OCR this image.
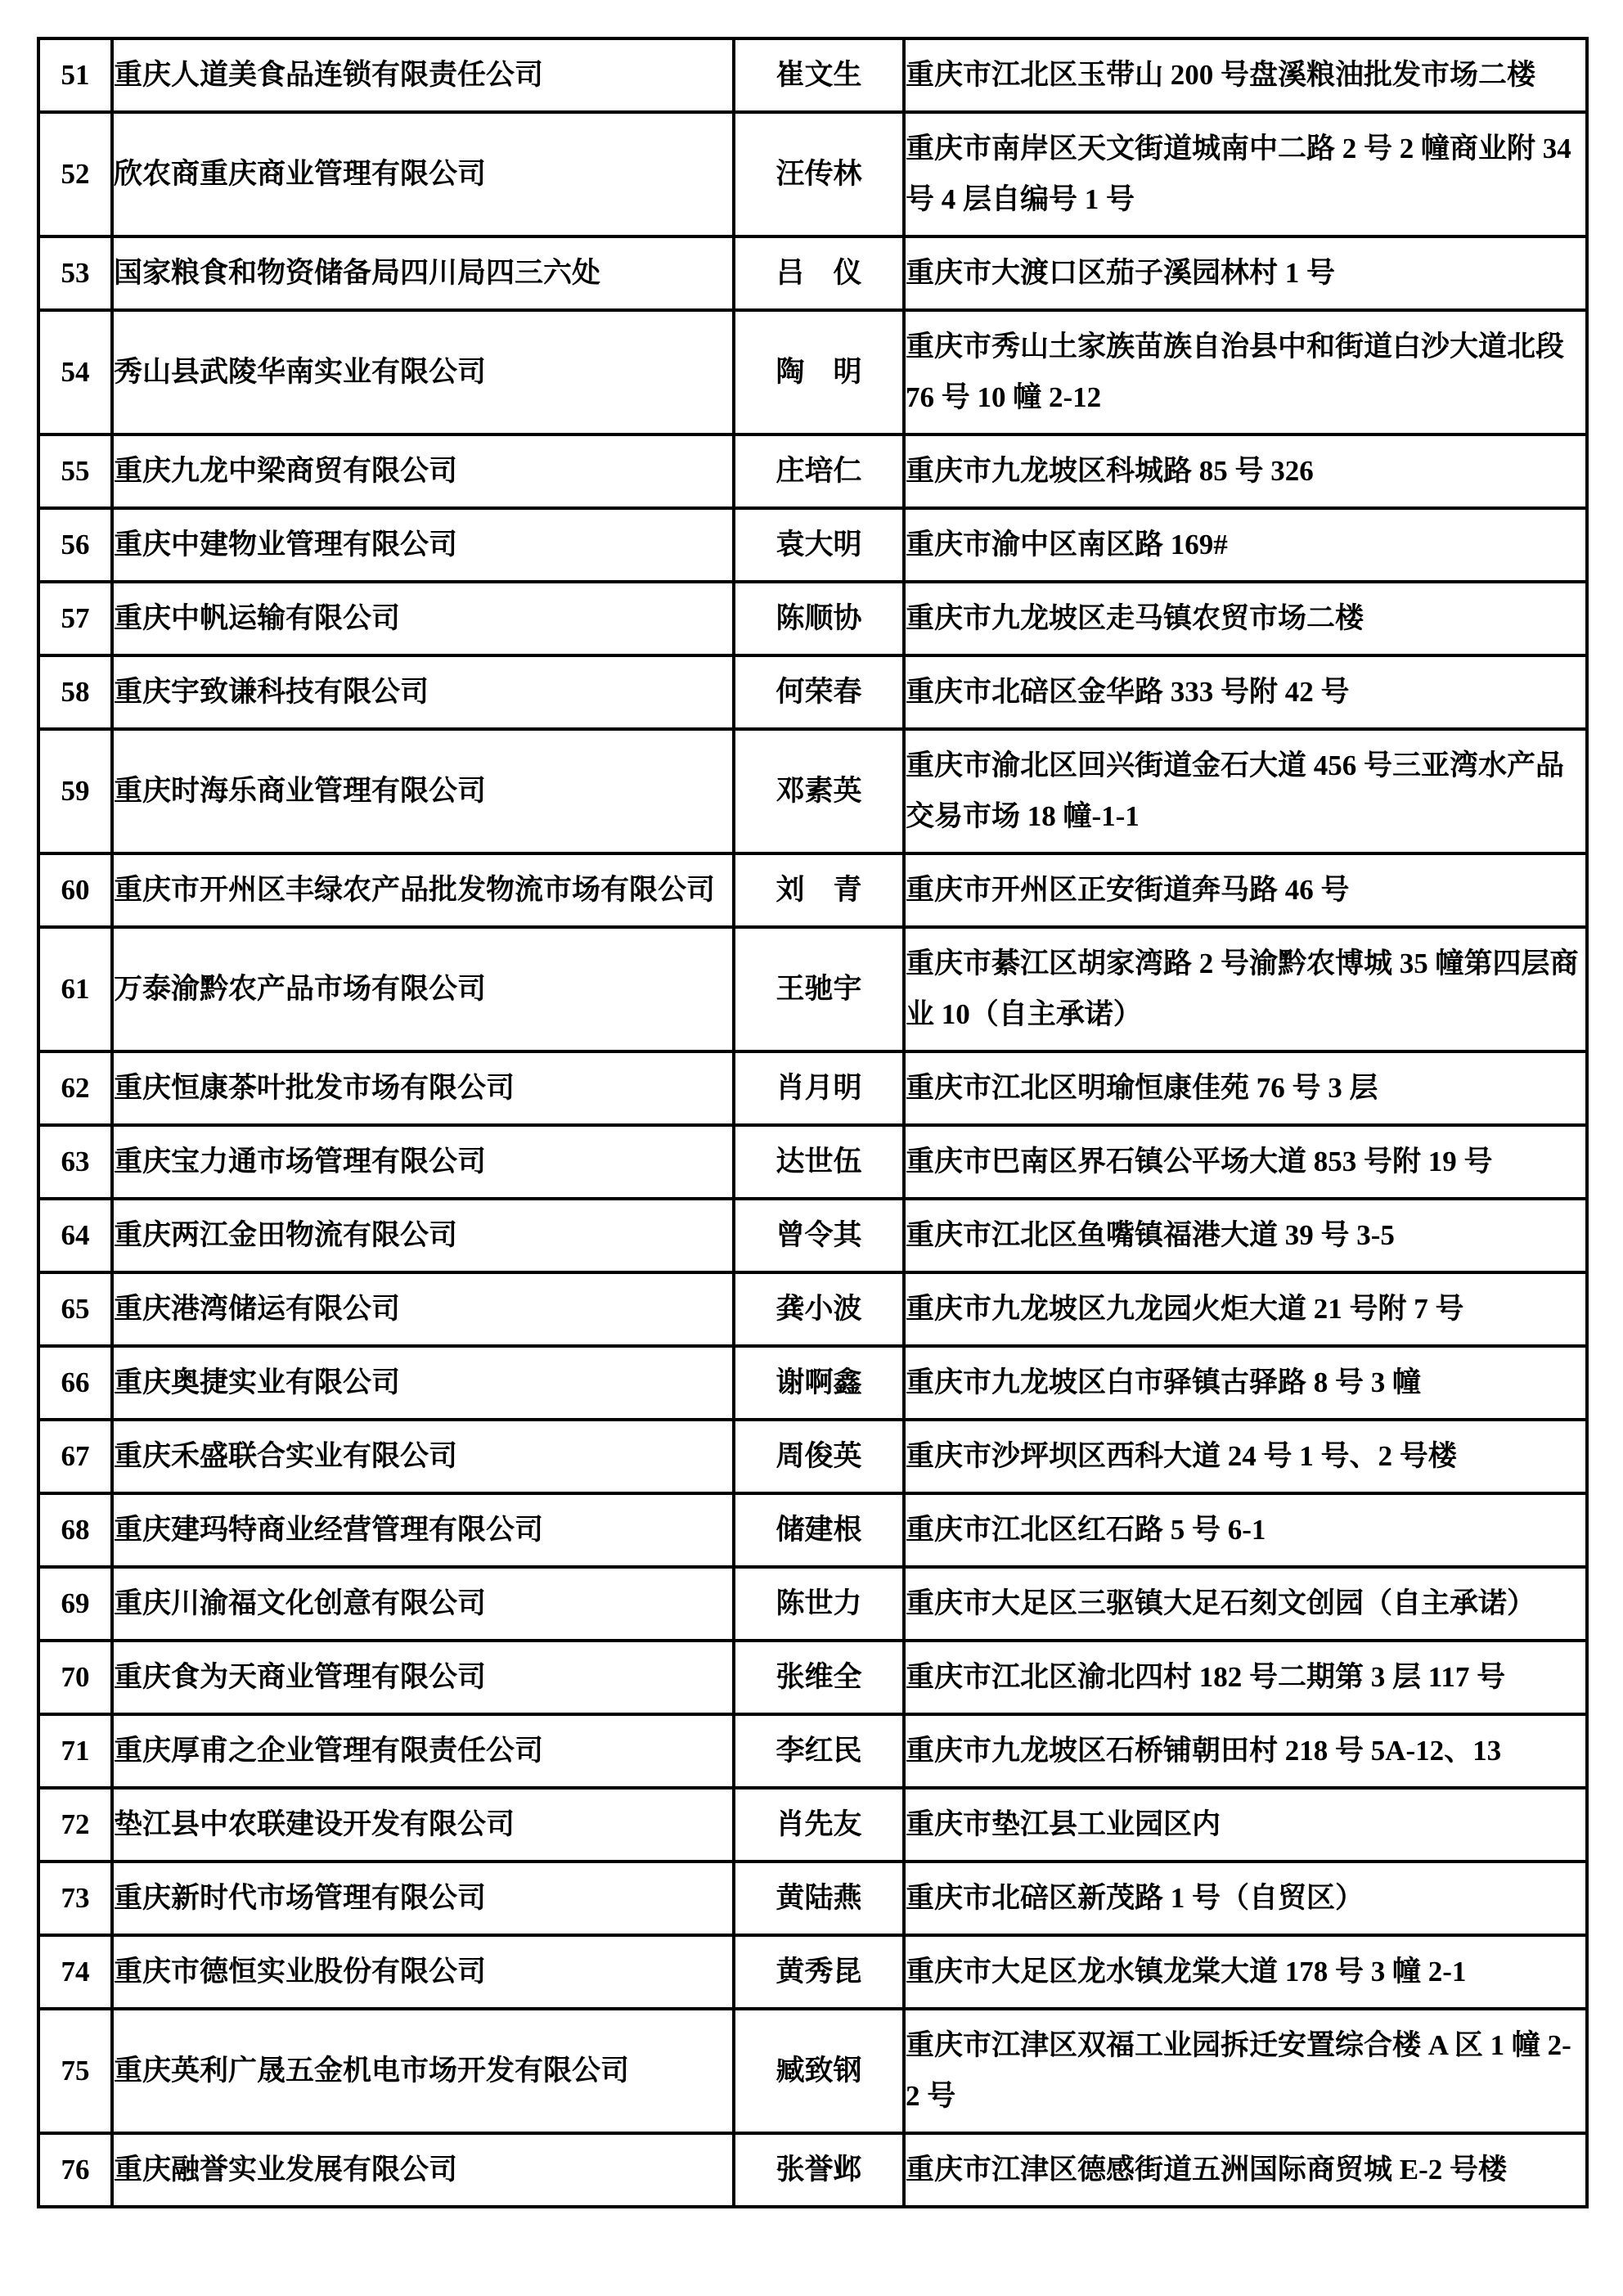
51	重庆人道美食品连锁有限责任公司	崔文生	重庆市江北区玉带山 200 号盘溪粮油批发市场二楼
52	欣农商重庆商业管理有限公司	汪传林	重庆市南岸区天文街道城南中二路 2 号 2 幢商业附 34 号 4 层自编号 1 号
53	国家粮食和物资储备局四川局四三六处	吕　仪	重庆市大渡口区茄子溪园林村 1 号
54	秀山县武陵华南实业有限公司	陶　明	重庆市秀山土家族苗族自治县中和街道白沙大道北段 76 号 10 幢 2-12
55	重庆九龙中梁商贸有限公司	庄培仁	重庆市九龙坡区科城路 85 号 326
56	重庆中建物业管理有限公司	袁大明	重庆市渝中区南区路 169#
57	重庆中帆运输有限公司	陈顺协	重庆市九龙坡区走马镇农贸市场二楼
58	重庆宇致谦科技有限公司	何荣春	重庆市北碚区金华路 333 号附 42 号
59	重庆时海乐商业管理有限公司	邓素英	重庆市渝北区回兴街道金石大道 456 号三亚湾水产品交易市场 18 幢-1-1
60	重庆市开州区丰绿农产品批发物流市场有限公司	刘　青	重庆市开州区正安街道奔马路 46 号
61	万泰渝黔农产品市场有限公司	王驰宇	重庆市綦江区胡家湾路 2 号渝黔农博城 35 幢第四层商业 10（自主承诺）
62	重庆恒康茶叶批发市场有限公司	肖月明	重庆市江北区明瑜恒康佳苑 76 号 3 层
63	重庆宝力通市场管理有限公司	达世伍	重庆市巴南区界石镇公平场大道 853 号附 19 号
64	重庆两江金田物流有限公司	曾令其	重庆市江北区鱼嘴镇福港大道 39 号 3-5
65	重庆港湾储运有限公司	龚小波	重庆市九龙坡区九龙园火炬大道 21 号附 7 号
66	重庆奥捷实业有限公司	谢啊鑫	重庆市九龙坡区白市驿镇古驿路 8 号 3 幢
67	重庆禾盛联合实业有限公司	周俊英	重庆市沙坪坝区西科大道 24 号 1 号、2 号楼
68	重庆建玛特商业经营管理有限公司	储建根	重庆市江北区红石路 5 号 6-1
69	重庆川渝福文化创意有限公司	陈世力	重庆市大足区三驱镇大足石刻文创园（自主承诺）
70	重庆食为天商业管理有限公司	张维全	重庆市江北区渝北四村 182 号二期第 3 层 117 号
71	重庆厚甫之企业管理有限责任公司	李红民	重庆市九龙坡区石桥铺朝田村 218 号 5A-12、13
72	垫江县中农联建设开发有限公司	肖先友	重庆市垫江县工业园区内
73	重庆新时代市场管理有限公司	黄陆燕	重庆市北碚区新茂路 1 号（自贸区）
74	重庆市德恒实业股份有限公司	黄秀昆	重庆市大足区龙水镇龙棠大道 178 号 3 幢 2-1
75	重庆英利广晟五金机电市场开发有限公司	臧致钢	重庆市江津区双福工业园拆迁安置综合楼 A 区 1 幢 2-2 号
76	重庆融誉实业发展有限公司	张誉邺	重庆市江津区德感街道五洲国际商贸城 E-2 号楼
